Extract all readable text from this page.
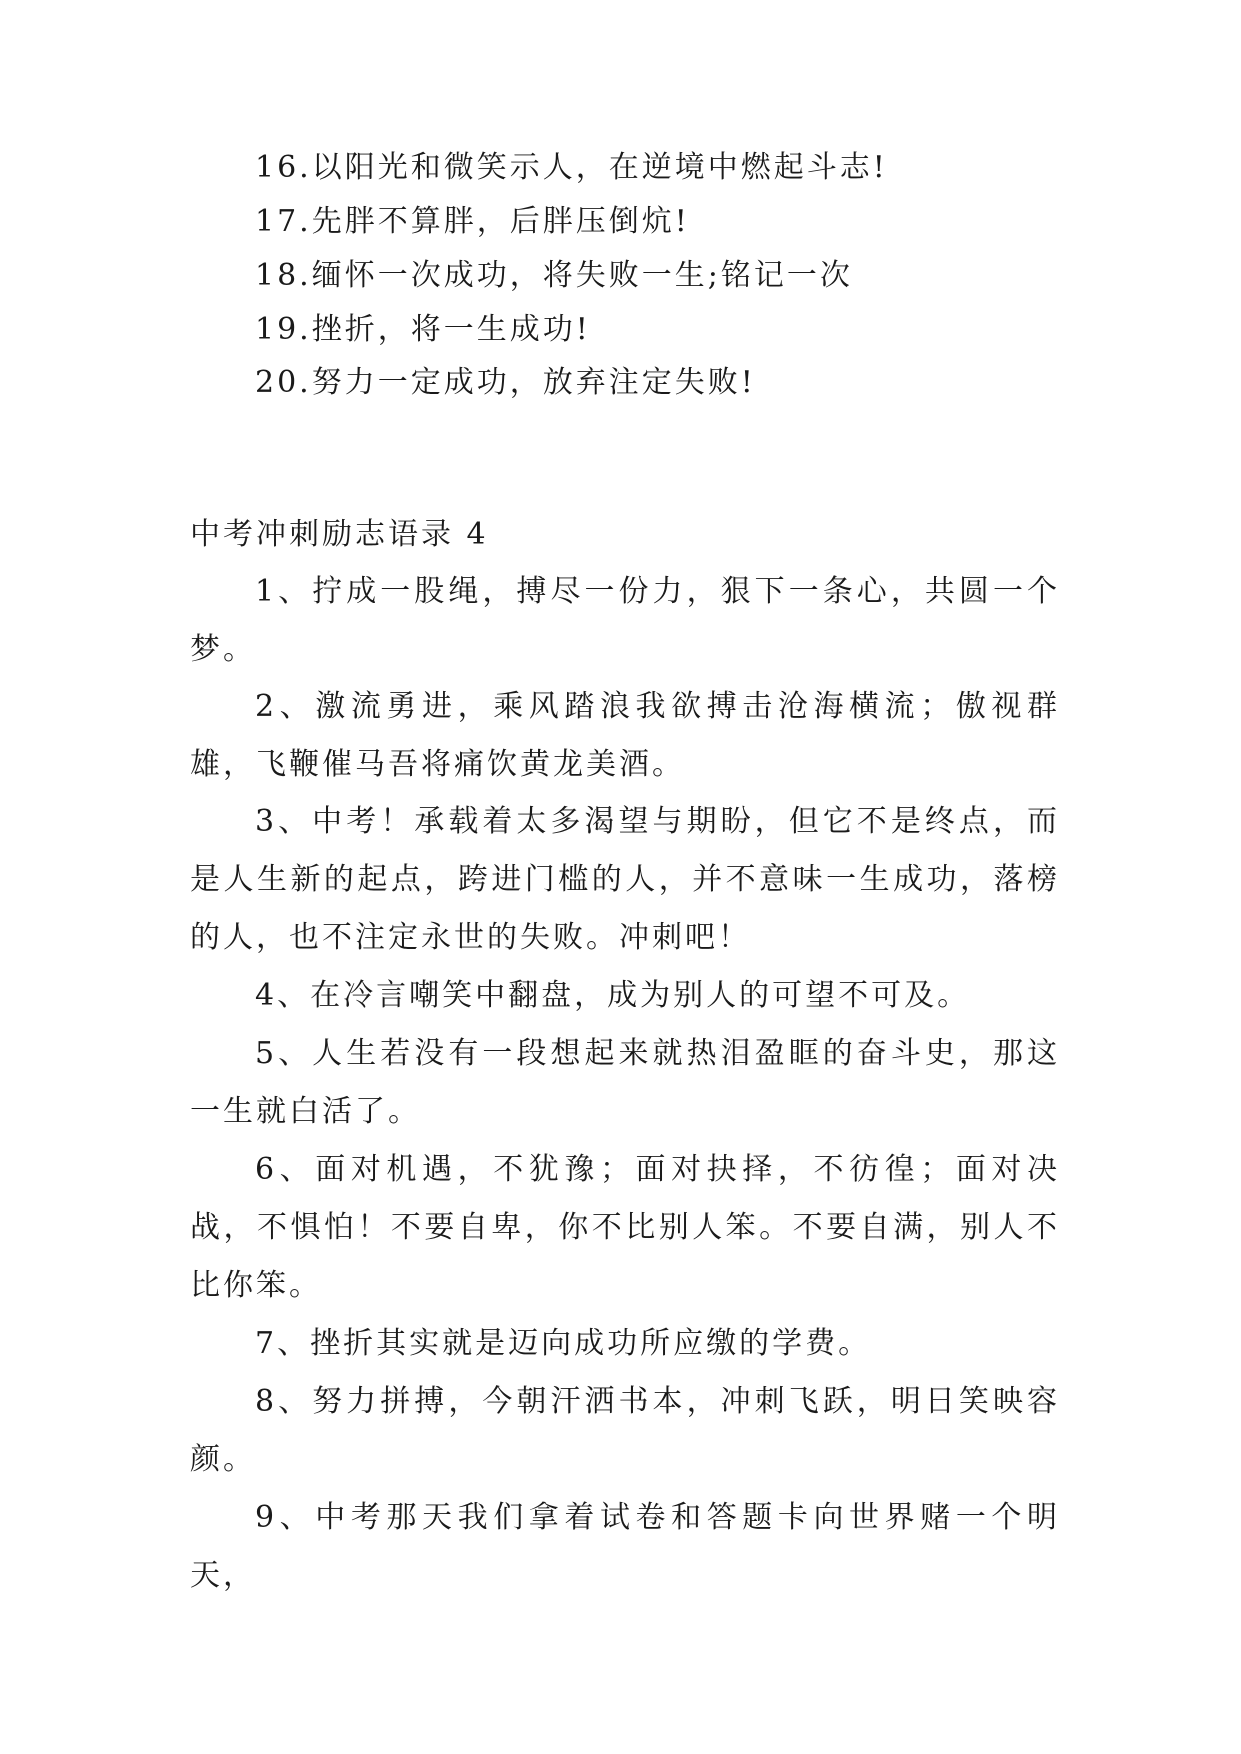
16.以阳光和微笑示人，在逆境中燃起斗志!
17.先胖不算胖，后胖压倒炕!
18.缅怀一次成功，将失败一生;铭记一次
19.挫折，将一生成功!
20.努力一定成功，放弃注定失败!
中考冲刺励志语录 4

1、拧成一股绳，搏尽一份力，狠下一条心，共圆一个梦。

2、激流勇进，乘风踏浪我欲搏击沧海横流；傲视群雄，飞鞭催马吾将痛饮黄龙美酒。

3、中考！承载着太多渴望与期盼，但它不是终点，而是人生新的起点，跨进门槛的人，并不意味一生成功，落榜的人，也不注定永世的失败。冲刺吧！

4、在冷言嘲笑中翻盘，成为别人的可望不可及。

5、人生若没有一段想起来就热泪盈眶的奋斗史，那这一生就白活了。

6、面对机遇，不犹豫；面对抉择，不彷徨；面对决战，不惧怕！不要自卑，你不比别人笨。不要自满，别人不比你笨。

7、挫折其实就是迈向成功所应缴的学费。

8、努力拼搏，今朝汗洒书本，冲刺飞跃，明日笑映容颜。

9、中考那天我们拿着试卷和答题卡向世界赌一个明天，
